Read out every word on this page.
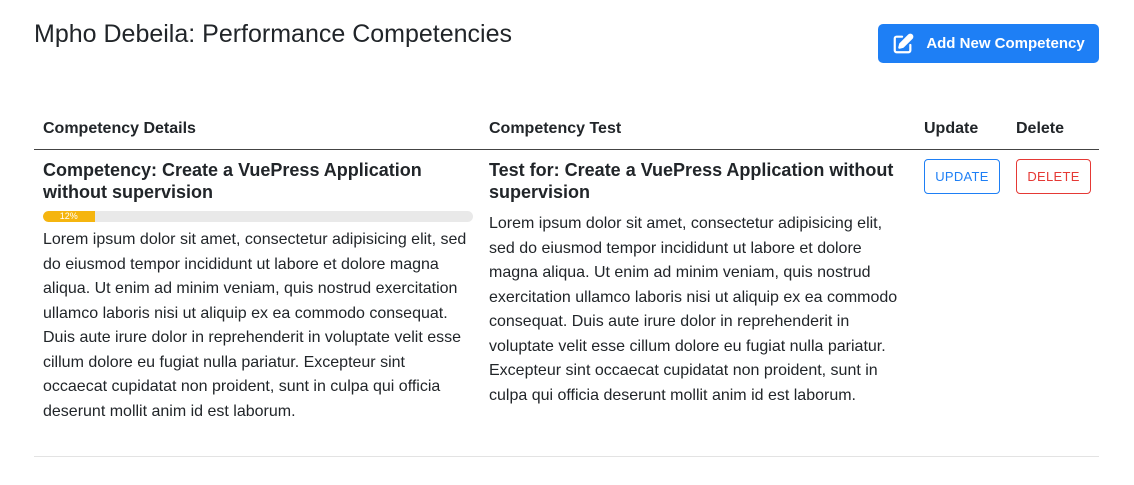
Mpho Debeila: Performance Competencies	Add New Competency
Competency Details	Competency Test	Update Delete
Competency: Create a VuePress Application without supervision
12%

Lorem ipsum dolor sit amet, consectetur adipisicing elit, sed do eiusmod tempor incididunt ut labore et dolore magna aliqua. Ut enim ad minim veniam, quis nostrud exercitation ullamco laboris nisi ut aliquip ex ea commodo consequat. Duis aute irure dolor in reprehenderit in voluptate velit esse cillum dolore eu fugiat nulla pariatur. Excepteur sint occaecat cupidatat non proident, sunt in culpa qui officia deserunt mollit anim id est laborum.

Test for: Create a VuePress Application without supervision

Lorem ipsum dolor sit amet, consectetur adipisicing elit, sed do eiusmod tempor incididunt ut labore et dolore magna aliqua. Ut enim ad minim veniam, quis nostrud exercitation ullamco laboris nisi ut aliquip ex ea commodo consequat. Duis aute irure dolor in reprehenderit in voluptate velit esse cillum dolore eu fugiat nulla pariatur. Excepteur sint occaecat cupidatat non proident, sunt in culpa qui officia deserunt mollit anim id est laborum.

UPDATE	DELETE
